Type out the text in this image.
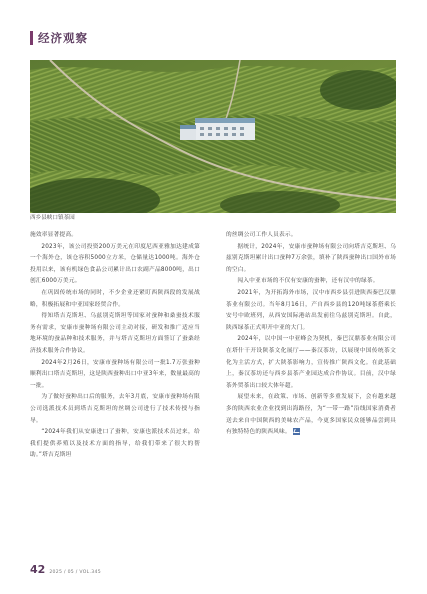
经济观察
西乡县峡口镇茶园

施效率显著提高。

2023年，该公司投资200万美元在印度尼西亚雅加达建成第一个海外仓，该仓容积5000立方米，仓储量达1000吨。海外仓投用以来，该有机绿色食品公司累计出口农副产品8000吨，出口创汇6000万美元。

在巩固传统市场的同时，不少企业还紧盯西陕西段的发展战略，积极拓展和中亚国家经贸合作。

得知塔吉克斯坦、乌兹别克斯坦等国家对蚕种和桑蚕技术服务有需求，安康市蚕种场有限公司主动对接，研发和推广适应当地环境的蚕品种和技术服务，并与塔吉克斯坦方面签订了蚕桑经济技术服务合作协议。

2024年2月26日，安康市蚕种场有限公司一批1.7万张蚕种顺利出口塔吉克斯坦，这是陕西蚕种出口中亚3年来，数量最高的一批。

为了做好蚕种出口后的服务，去年3月底，安康市蚕种场有限公司选派技术员到塔吉克斯坦的丝绸公司进行了技术传授与指导。

“2024年我们从安康进口了蚕种，安康也派技术员过来，给我们提供养殖以及技术方面的指导，给我们带来了很大的帮助。”塔吉克斯坦

的丝绸公司工作人员表示。

据统计，2024年，安康市蚕种场有限公司向塔吉克斯坦、乌兹别克斯坦累计出口蚕种7万余张，填补了陕西蚕种出口国外市场的空白。

闯入中亚市场的不仅有安康的蚕种，还有汉中的绿茶。

2021年，为开拓海外市场，汉中市西乡县引进陕西秦巴汉鼎茶业有限公司。当年8月16日，产自西乡县的120吨绿茶搭乘长安号中欧班列，从西安国际港站出发前往乌兹别克斯坦。自此，陕西绿茶正式叩开中亚的大门。

2024年，以中国一中亚峰会为契机，秦巴汉鼎茶业有限公司在塔什干开设陕茶文化展厅——秦汉茶坊，以展现中国传统茶文化为主活方式，扩大陕茶影响力，宣传推广陕西文化。在此基础上，秦汉茶坊还与西乡县茶产业园达成合作协议。目前，汉中绿茶外贸茶出口较大体年超。

展望未来，在政策、市场、创新等多重发展下，会有越来越多的陕西农业企业找到出海路径，为“一带一路”沿线国家消费者送去来自中国陕西的美味农产品，今更多国家民众能够品尝到具有独特特色的陕西风味。

42 2025 / 05 / VOL.345
